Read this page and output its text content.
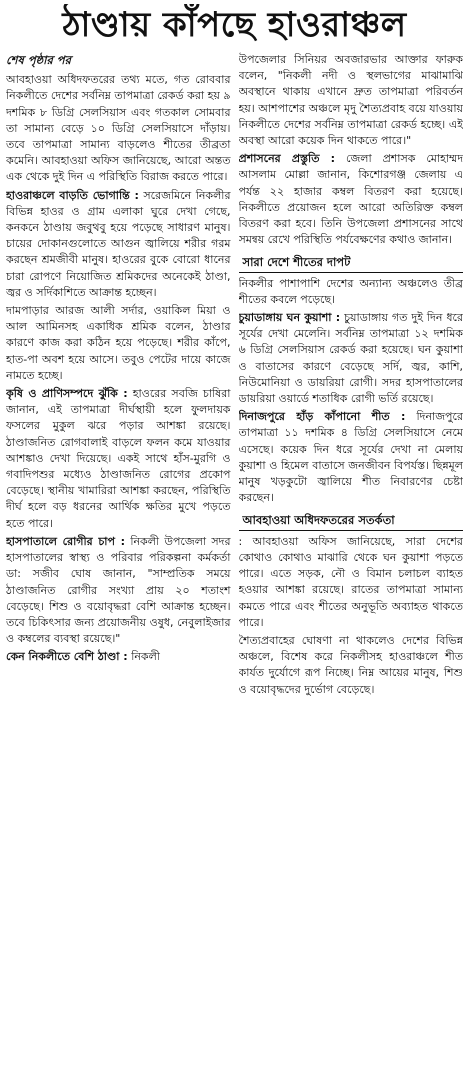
ঠাণ্ডায় কাঁপছে হাওরাঞ্চল
শেষ পৃষ্ঠার পর

আবহাওয়া অধিদফতরের তথ্য মতে, গত রোববার নিকলীতে দেশের সর্বনিম্ন তাপমাত্রা রেকর্ড করা হয় ৯ দশমিক ৮ ডিগ্রি সেলসিয়াস এবং গতকাল সোমবার তা সামান্য বেড়ে ১০ ডিগ্রি সেলসিয়াসে দাঁড়ায়। তবে তাপমাত্রা সামান্য বাড়লেও শীতের তীব্রতা কমেনি। আবহাওয়া অফিস জানিয়েছে, আরো অন্তত এক থেকে দুই দিন এ পরিস্থিতি বিরাজ করতে পারে।

হাওরাঞ্চলে বাড়তি ভোগান্তি : সরেজমিনে নিকলীর বিভিন্ন হাওর ও গ্রাম এলাকা ঘুরে দেখা গেছে, কনকনে ঠাণ্ডায় জবুথবু হয়ে পড়েছে সাধারণ মানুষ। চায়ের দোকানগুলোতে আগুন জ্বালিয়ে শরীর গরম করছেন শ্রমজীবী মানুষ। হাওরের বুকে বোরো ধানের চারা রোপণে নিয়োজিত শ্রমিকদের অনেকেই ঠাণ্ডা, জ্বর ও সর্দিকাশিতে আক্রান্ত হচ্ছেন।

দামপাড়ার আরজ আলী সর্দার, ওয়াকিল মিয়া ও আল আমিনসহ একাধিক শ্রমিক বলেন, ঠাণ্ডার কারণে কাজ করা কঠিন হয়ে পড়েছে। শরীর কাঁপে, হাত-পা অবশ হয়ে আসে। তবুও পেটের দায়ে কাজে নামতে হচ্ছে।

কৃষি ও প্রাণিসম্পদে ঝুঁকি : হাওরের সবজি চাষিরা জানান, এই তাপমাত্রা দীর্ঘস্থায়ী হলে ফুলদায়ক ফসলের মুকুল ঝরে পড়ার আশঙ্কা রয়েছে। ঠাণ্ডাজনিত রোগবালাই বাড়লে ফলন কমে যাওয়ার আশঙ্কাও দেখা দিয়েছে। একই সাথে হাঁস-মুরগি ও গবাদিপশুর মধ্যেও ঠাণ্ডাজনিত রোগের প্রকোপ বেড়েছে। স্থানীয় খামারিরা আশঙ্কা করছেন, পরিস্থিতি দীর্ঘ হলে বড় ধরনের আর্থিক ক্ষতির মুখে পড়তে হতে পারে।

হাসপাতালে রোগীর চাপ : নিকলী উপজেলা সদর হাসপাতালের স্বাস্থ্য ও পরিবার পরিকল্পনা কর্মকর্তা ডা: সজীব ঘোষ জানান, "সাম্প্রতিক সময়ে ঠাণ্ডাজনিত রোগীর সংখ্যা প্রায় ২০ শতাংশ বেড়েছে। শিশু ও বয়োবৃদ্ধরা বেশি আক্রান্ত হচ্ছেন। তবে চিকিৎসার জন্য প্রয়োজনীয় ওষুধ, নেবুলাইজার ও কম্বলের ব্যবস্থা রয়েছে।"

কেন নিকলীতে বেশি ঠাণ্ডা : নিকলী

উপজেলার সিনিয়র অবজারভার আক্তার ফারুক বলেন, "নিকলী নদী ও স্থলভাগের মাঝামাঝি অবস্থানে থাকায় এখানে দ্রুত তাপমাত্রা পরিবর্তন হয়। আশপাশের অঞ্চলে মৃদু শৈত্যপ্রবাহ বয়ে যাওয়ায় নিকলীতে দেশের সর্বনিম্ন তাপমাত্রা রেকর্ড হচ্ছে। এই অবস্থা আরো কয়েক দিন থাকতে পারে।"

প্রশাসনের প্রস্তুতি : জেলা প্রশাসক মোহাম্মদ আসলাম মোল্লা জানান, কিশোরগঞ্জ জেলায় এ পর্যন্ত ২২ হাজার কম্বল বিতরণ করা হয়েছে। নিকলীতে প্রয়োজন হলে আরো অতিরিক্ত কম্বল বিতরণ করা হবে। তিনি উপজেলা প্রশাসনের সাথে সমন্বয় রেখে পরিস্থিতি পর্যবেক্ষণের কথাও জানান।

সারা দেশে শীতের দাপট

নিকলীর পাশাপাশি দেশের অন্যান্য অঞ্চলেও তীব্র শীতের কবলে পড়েছে।

চুয়াডাঙ্গায় ঘন কুয়াশা : চুয়াডাঙ্গায় গত দুই দিন ধরে সূর্যের দেখা মেলেনি। সর্বনিম্ন তাপমাত্রা ১২ দশমিক ৬ ডিগ্রি সেলসিয়াস রেকর্ড করা হয়েছে। ঘন কুয়াশা ও বাতাসের কারণে বেড়েছে সর্দি, জ্বর, কাশি, নিউমোনিয়া ও ডায়রিয়া রোগী। সদর হাসপাতালের ডায়রিয়া ওয়ার্ডে শতাধিক রোগী ভর্তি রয়েছে।

দিনাজপুরে হাঁড় কাঁপানো শীত : দিনাজপুরে তাপমাত্রা ১১ দশমিক ৪ ডিগ্রি সেলসিয়াসে নেমে এসেছে। কয়েক দিন ধরে সূর্যের দেখা না মেলায় কুয়াশা ও হিমেল বাতাসে জনজীবন বিপর্যস্ত। ছিন্নমূল মানুষ খড়কুটো জ্বালিয়ে শীত নিবারণের চেষ্টা করছেন।

আবহাওয়া অধিদফতরের সতর্কতা

: আবহাওয়া অফিস জানিয়েছে, সারা দেশের কোথাও কোথাও মাঝারি থেকে ঘন কুয়াশা পড়তে পারে। এতে সড়ক, নৌ ও বিমান চলাচল ব্যাহত হওয়ার আশঙ্কা রয়েছে। রাতের তাপমাত্রা সামান্য কমতে পারে এবং শীতের অনুভূতি অব্যাহত থাকতে পারে।

শৈত্যপ্রবাহের ঘোষণা না থাকলেও দেশের বিভিন্ন অঞ্চলে, বিশেষ করে নিকলীসহ হাওরাঞ্চলে শীত কার্যত দুর্যোগে রূপ নিচ্ছে। নিম্ন আয়ের মানুষ, শিশু ও বয়োবৃদ্ধদের দুর্ভোগ বেড়েছে।
